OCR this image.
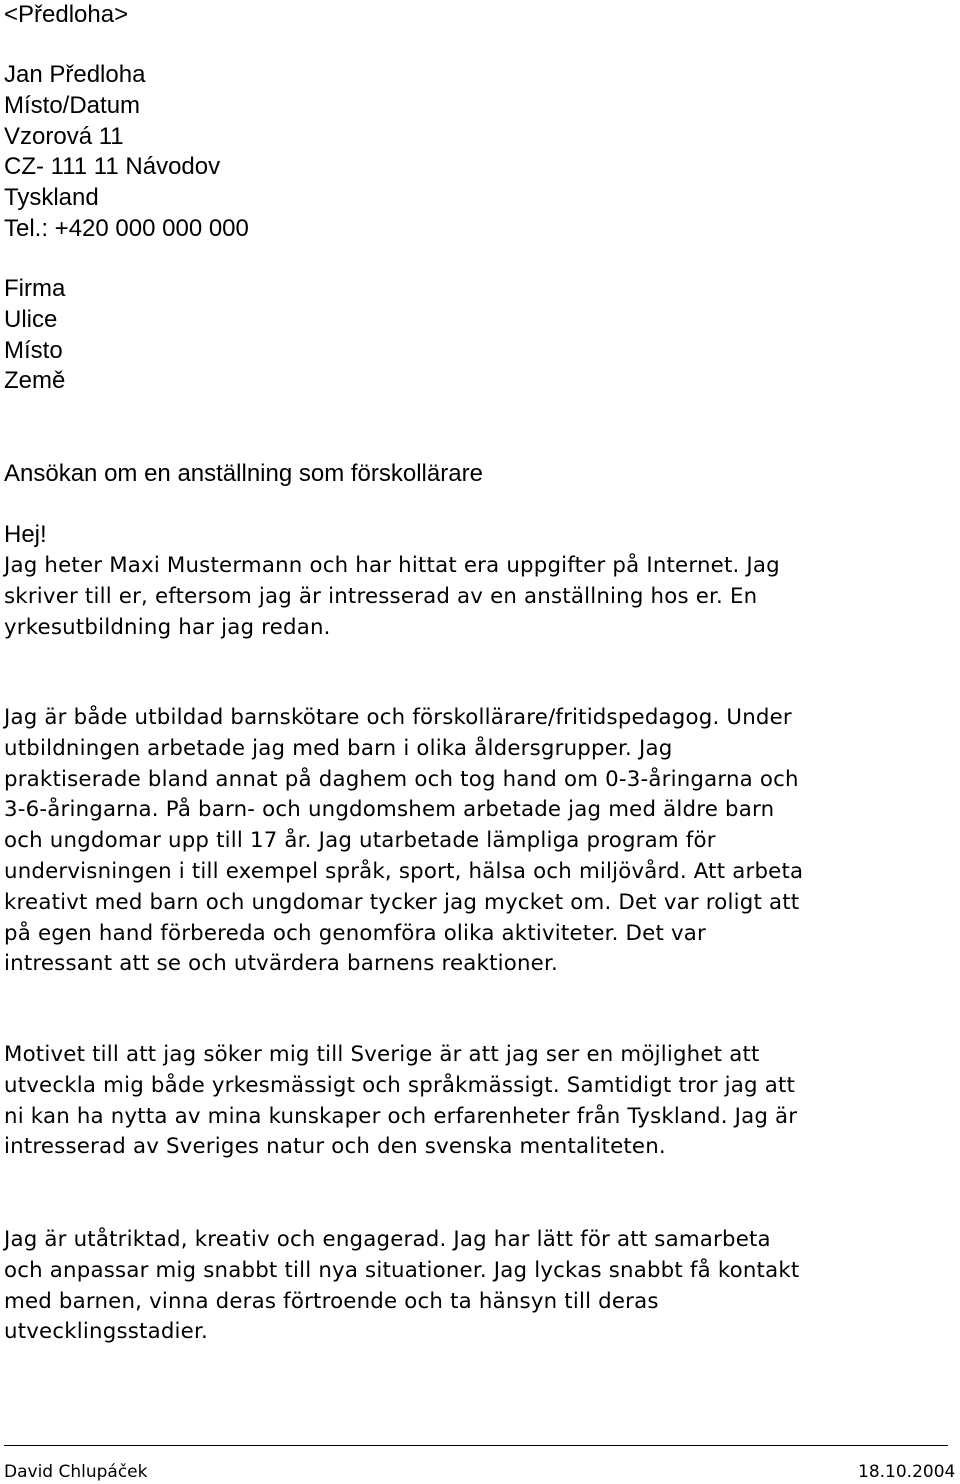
<Předloha>
Jan Předloha
Místo/Datum
Vzorová 11
CZ- 111 11 Návodov
Tyskland
Tel.: +420 000 000 000
Firma
Ulice
Místo
Země
Ansökan om en anställning som förskollärare
Hej!
Jag heter Maxi Mustermann och har hittat era uppgifter på Internet. Jag
skriver till er, eftersom jag är intresserad av en anställning hos er. En
yrkesutbildning har jag redan.
Jag är både utbildad barnskötare och förskollärare/fritidspedagog. Under
utbildningen arbetade jag med barn i olika åldersgrupper. Jag
praktiserade bland annat på daghem och tog hand om 0-3-åringarna och
3-6-åringarna. På barn- och ungdomshem arbetade jag med äldre barn
och ungdomar upp till 17 år. Jag utarbetade lämpliga program för
undervisningen i till exempel språk, sport, hälsa och miljövård. Att arbeta
kreativt med barn och ungdomar tycker jag mycket om. Det var roligt att
på egen hand förbereda och genomföra olika aktiviteter. Det var
intressant att se och utvärdera barnens reaktioner.
Motivet till att jag söker mig till Sverige är att jag ser en möjlighet att
utveckla mig både yrkesmässigt och språkmässigt. Samtidigt tror jag att
ni kan ha nytta av mina kunskaper och erfarenheter från Tyskland. Jag är
intresserad av Sveriges natur och den svenska mentaliteten.
Jag är utåtriktad, kreativ och engagerad. Jag har lätt för att samarbeta
och anpassar mig snabbt till nya situationer. Jag lyckas snabbt få kontakt
med barnen, vinna deras förtroende och ta hänsyn till deras
utvecklingsstadier.
David Chlupáček	18.10.2004
